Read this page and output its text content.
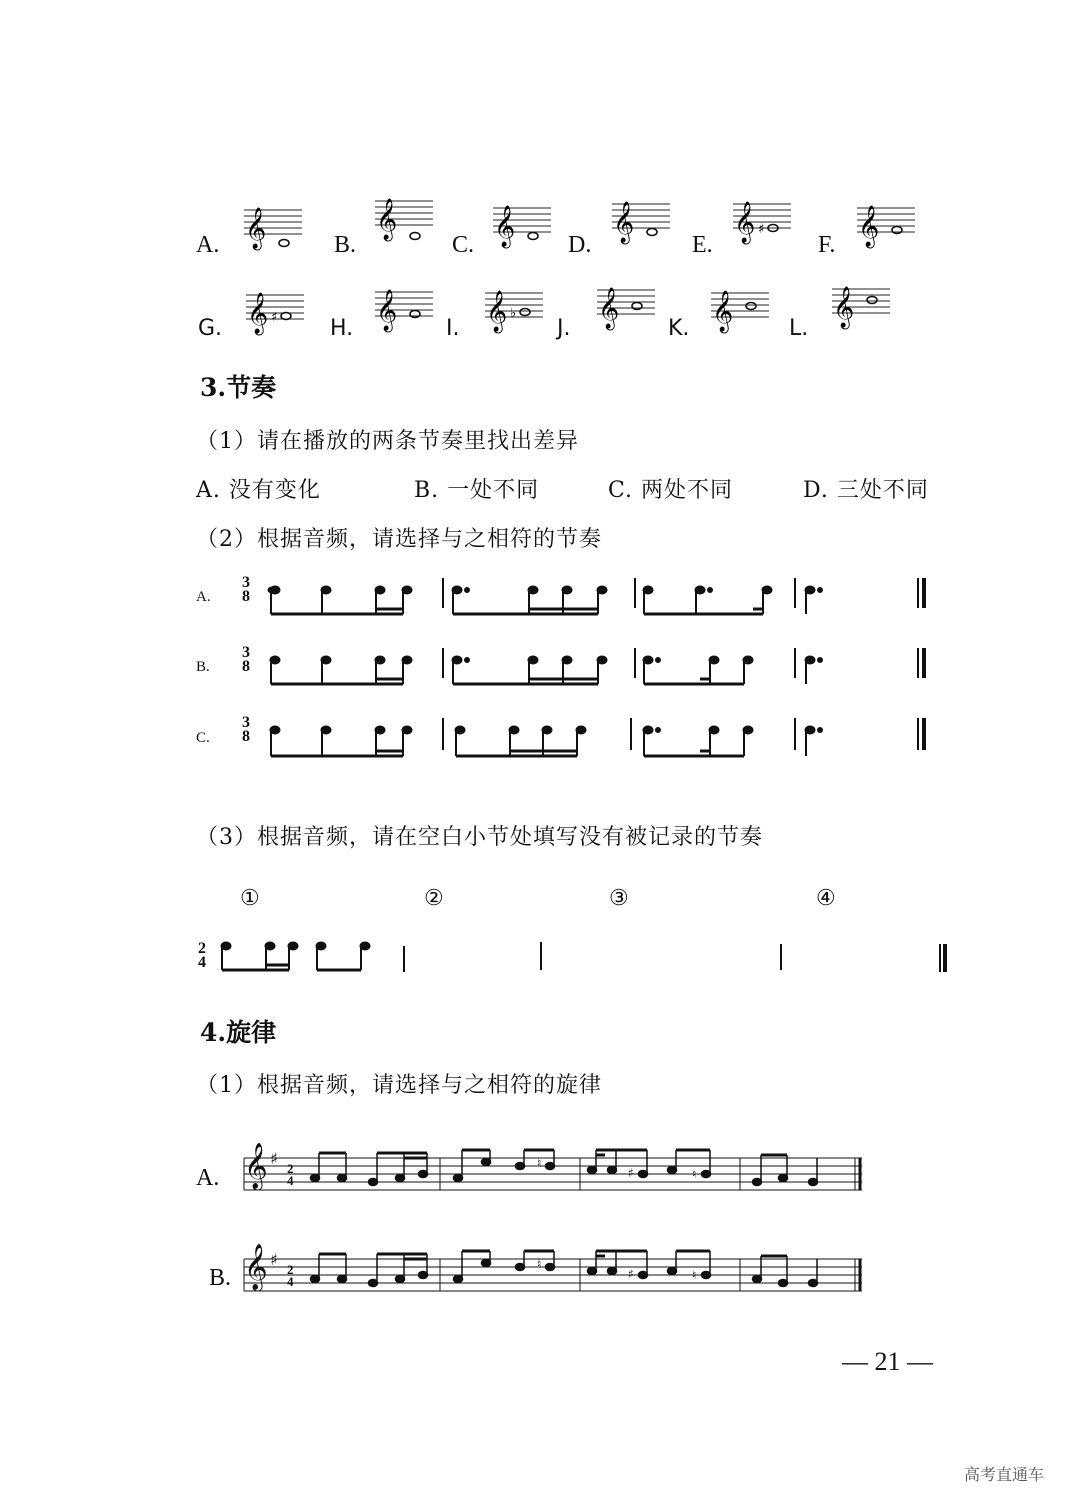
A. 𝄞	B.
𝄞
C. 𝄞 D.
𝄞
E.
𝄞 ♯
F. 𝄞
G. 𝄞 ♯ H. 𝄞 I. 𝄞 ♭
J. 𝄞 K. 𝄞	L.
𝄞
3.节奏
（1）请在播放的两条节奏里找出差异
A. 没有变化	B. 一处不同	C. 两处不同	D. 三处不同
（2）根据音频，请选择与之相符的节奏
A.
3
8
B.
3
8
C.
3
8
（3）根据音频，请在空白小节处填写没有被记录的节奏
①	②	③	④
2
4
4.旋律
（1）根据音频，请选择与之相符的旋律
A.	2
4
♯
B.	2
4
♯
♮
♯	♮
♮
♯	♮
𝄞
𝄞
— 21 —
高考直通车
